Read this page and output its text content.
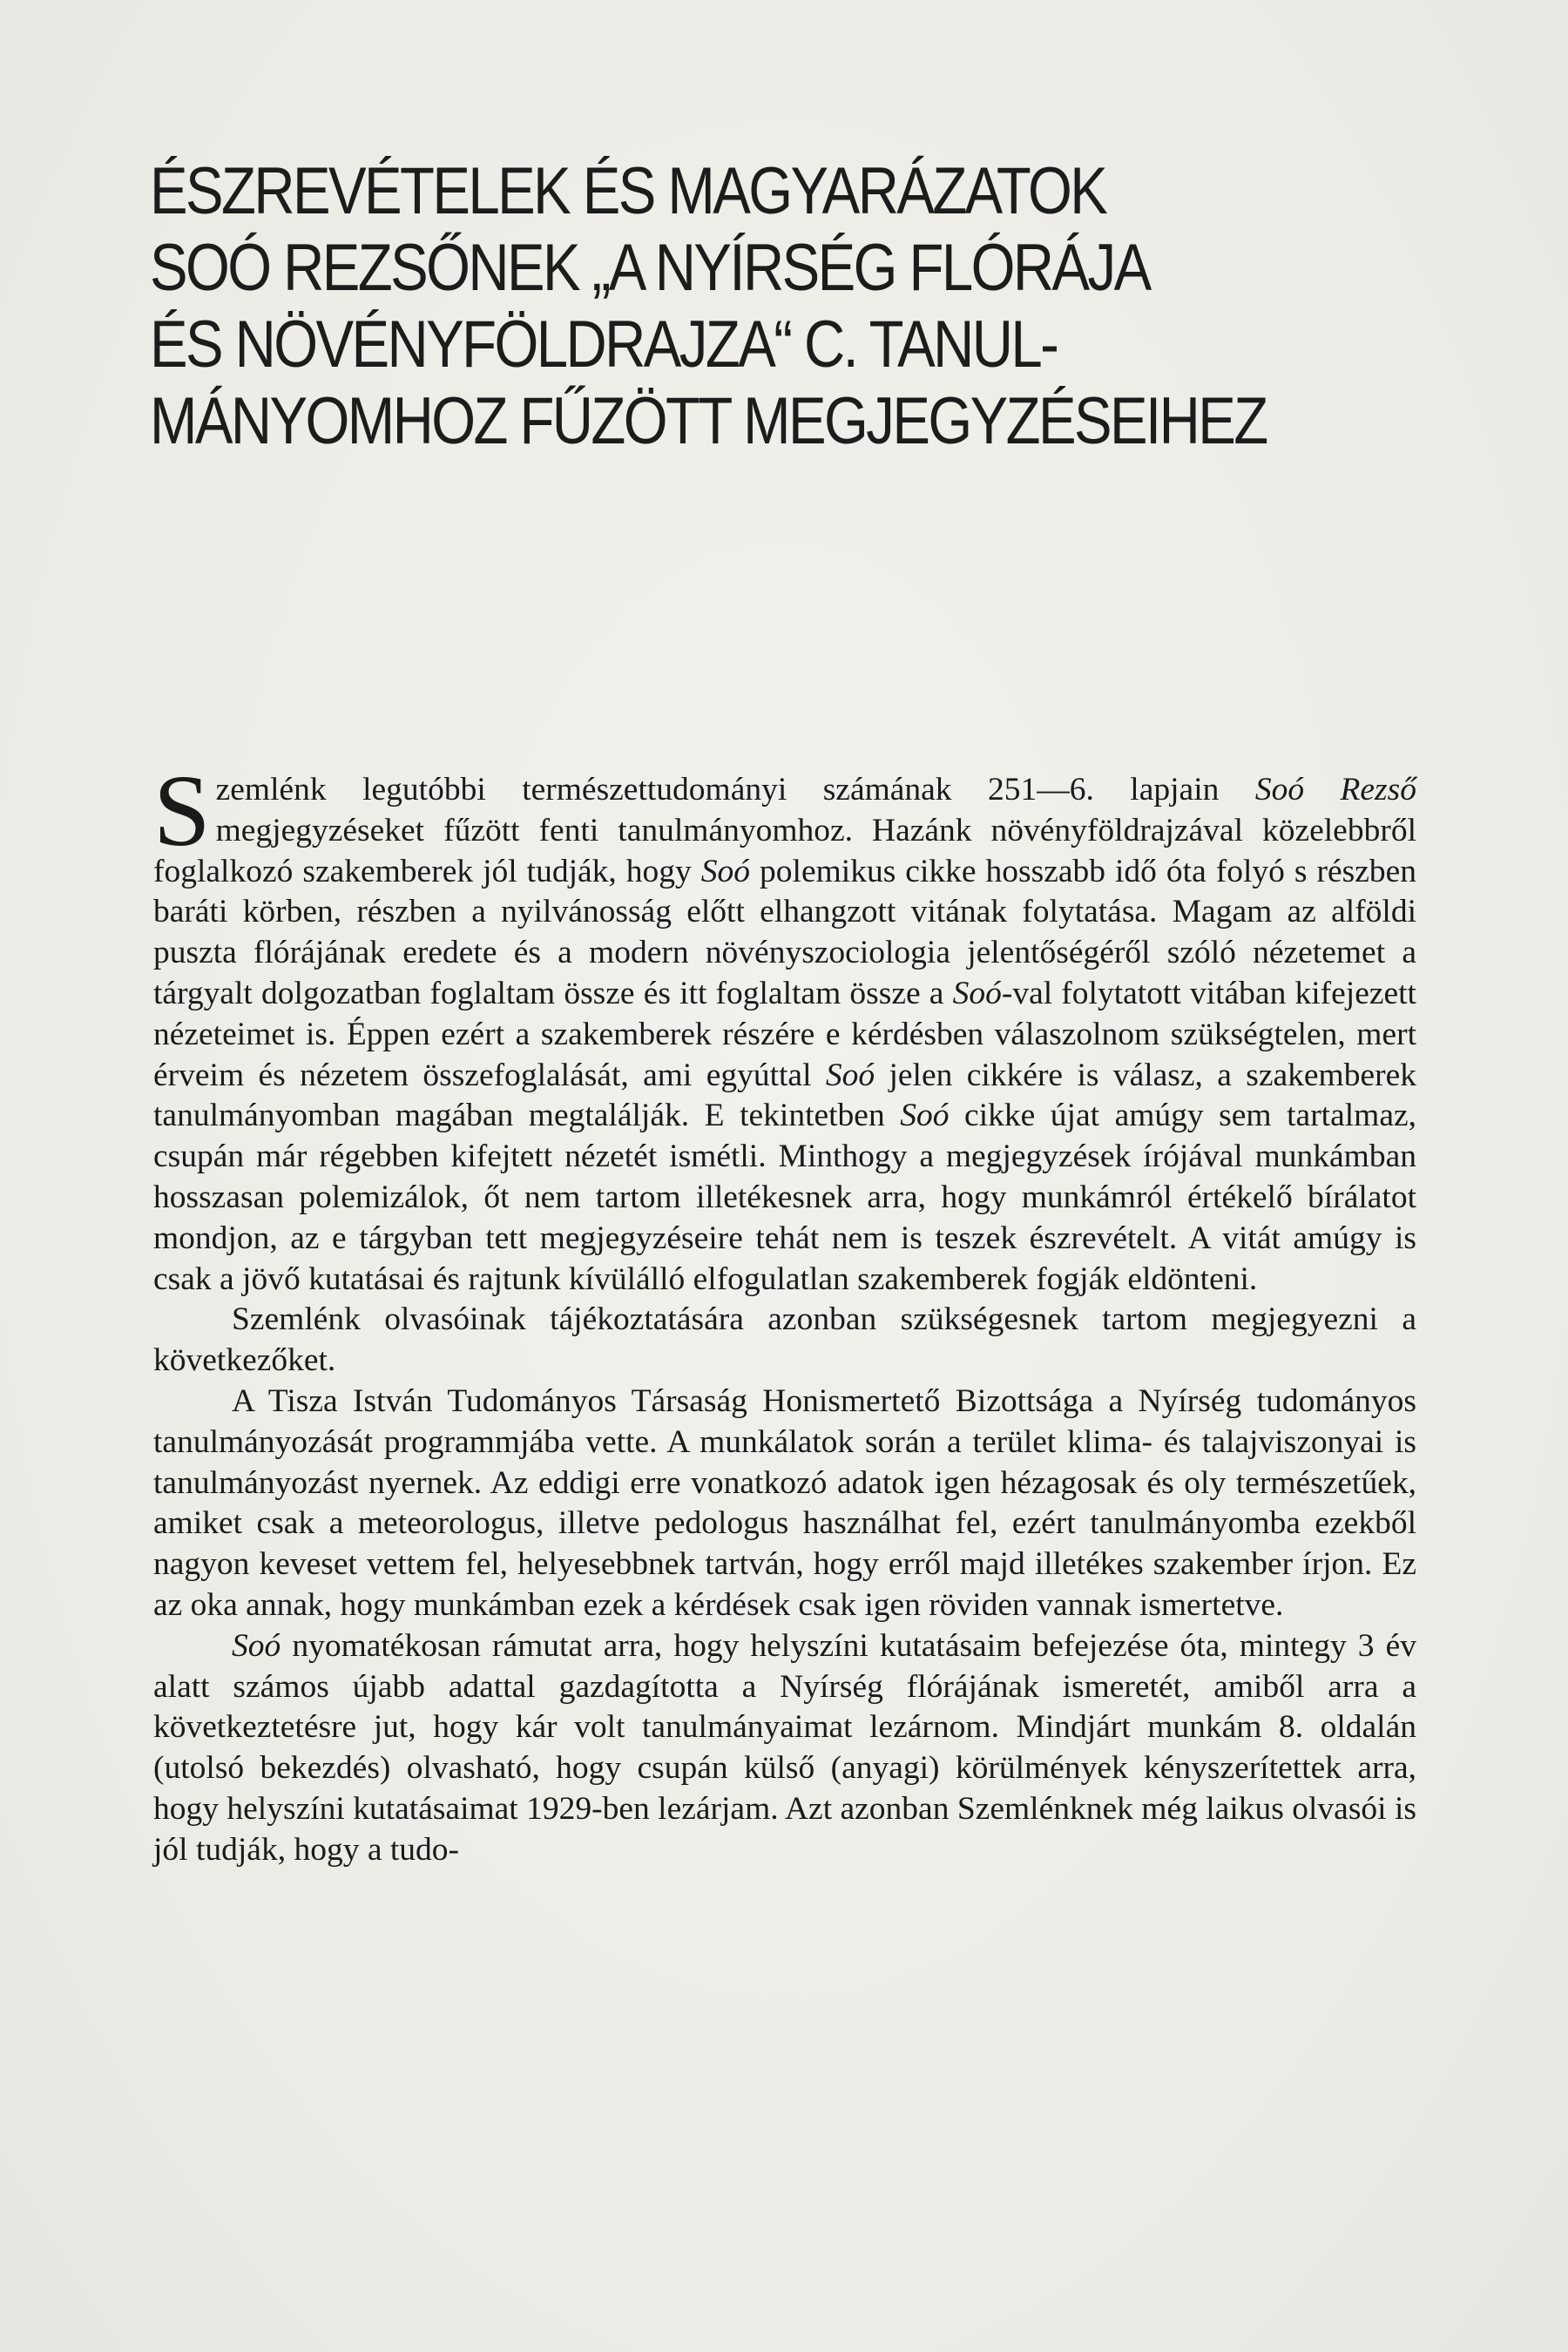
ÉSZREVÉTELEK ÉS MAGYARÁZATOK
SOÓ REZSŐNEK „A NYÍRSÉG FLÓRÁJA
ÉS NÖVÉNYFÖLDRAJZA“ C. TANUL-
MÁNYOMHOZ FŰZÖTT MEGJEGYZÉSEIHEZ

Szemlénk legutóbbi természettudományi számának 251—6. lapjain Soó Rezső megjegyzéseket fűzött fenti tanulmányomhoz. Hazánk növényföldrajzával közelebbről foglalkozó szakemberek jól tudják, hogy Soó polemikus cikke hosszabb idő óta folyó s részben baráti körben, részben a nyilvánosság előtt elhangzott vitának folytatása. Magam az alföldi puszta flórájának eredete és a modern növényszociologia jelentőségéről szóló nézetemet a tárgyalt dolgozatban foglaltam össze és itt foglaltam össze a Soó-val folytatott vitában kifejezett nézeteimet is. Éppen ezért a szakemberek részére e kérdésben válaszolnom szükségtelen, mert érveim és nézetem összefoglalását, ami egyúttal Soó jelen cikkére is válasz, a szakemberek tanulmányomban magában megtalálják. E tekintetben Soó cikke újat amúgy sem tartalmaz, csupán már régebben kifejtett nézetét ismétli. Minthogy a megjegyzések írójával munkámban hosszasan polemizálok, őt nem tartom illetékesnek arra, hogy munkámról értékelő bírálatot mondjon, az e tárgyban tett megjegyzéseire tehát nem is teszek észrevételt. A vitát amúgy is csak a jövő kutatásai és rajtunk kívülálló elfogulatlan szakemberek fogják eldönteni.

Szemlénk olvasóinak tájékoztatására azonban szükségesnek tartom megjegyezni a következőket.

A Tisza István Tudományos Társaság Honismertető Bizottsága a Nyírség tudományos tanulmányozását programmjába vette. A munkálatok során a terület klima- és talajviszonyai is tanulmányozást nyernek. Az eddigi erre vonatkozó adatok igen hézagosak és oly természetűek, amiket csak a meteorologus, illetve pedologus használhat fel, ezért tanulmányomba ezekből nagyon keveset vettem fel, helyesebbnek tartván, hogy erről majd illetékes szakember írjon. Ez az oka annak, hogy munkámban ezek a kérdések csak igen röviden vannak ismertetve.

Soó nyomatékosan rámutat arra, hogy helyszíni kutatásaim befejezése óta, mintegy 3 év alatt számos újabb adattal gazdagította a Nyírség flórájának ismeretét, amiből arra a következtetésre jut, hogy kár volt tanulmányaimat lezárnom. Mindjárt munkám 8. oldalán (utolsó bekezdés) olvasható, hogy csupán külső (anyagi) körülmények kényszerítettek arra, hogy helyszíni kutatásaimat 1929-ben lezárjam. Azt azonban Szemlénknek még laikus olvasói is jól tudják, hogy a tudo-
